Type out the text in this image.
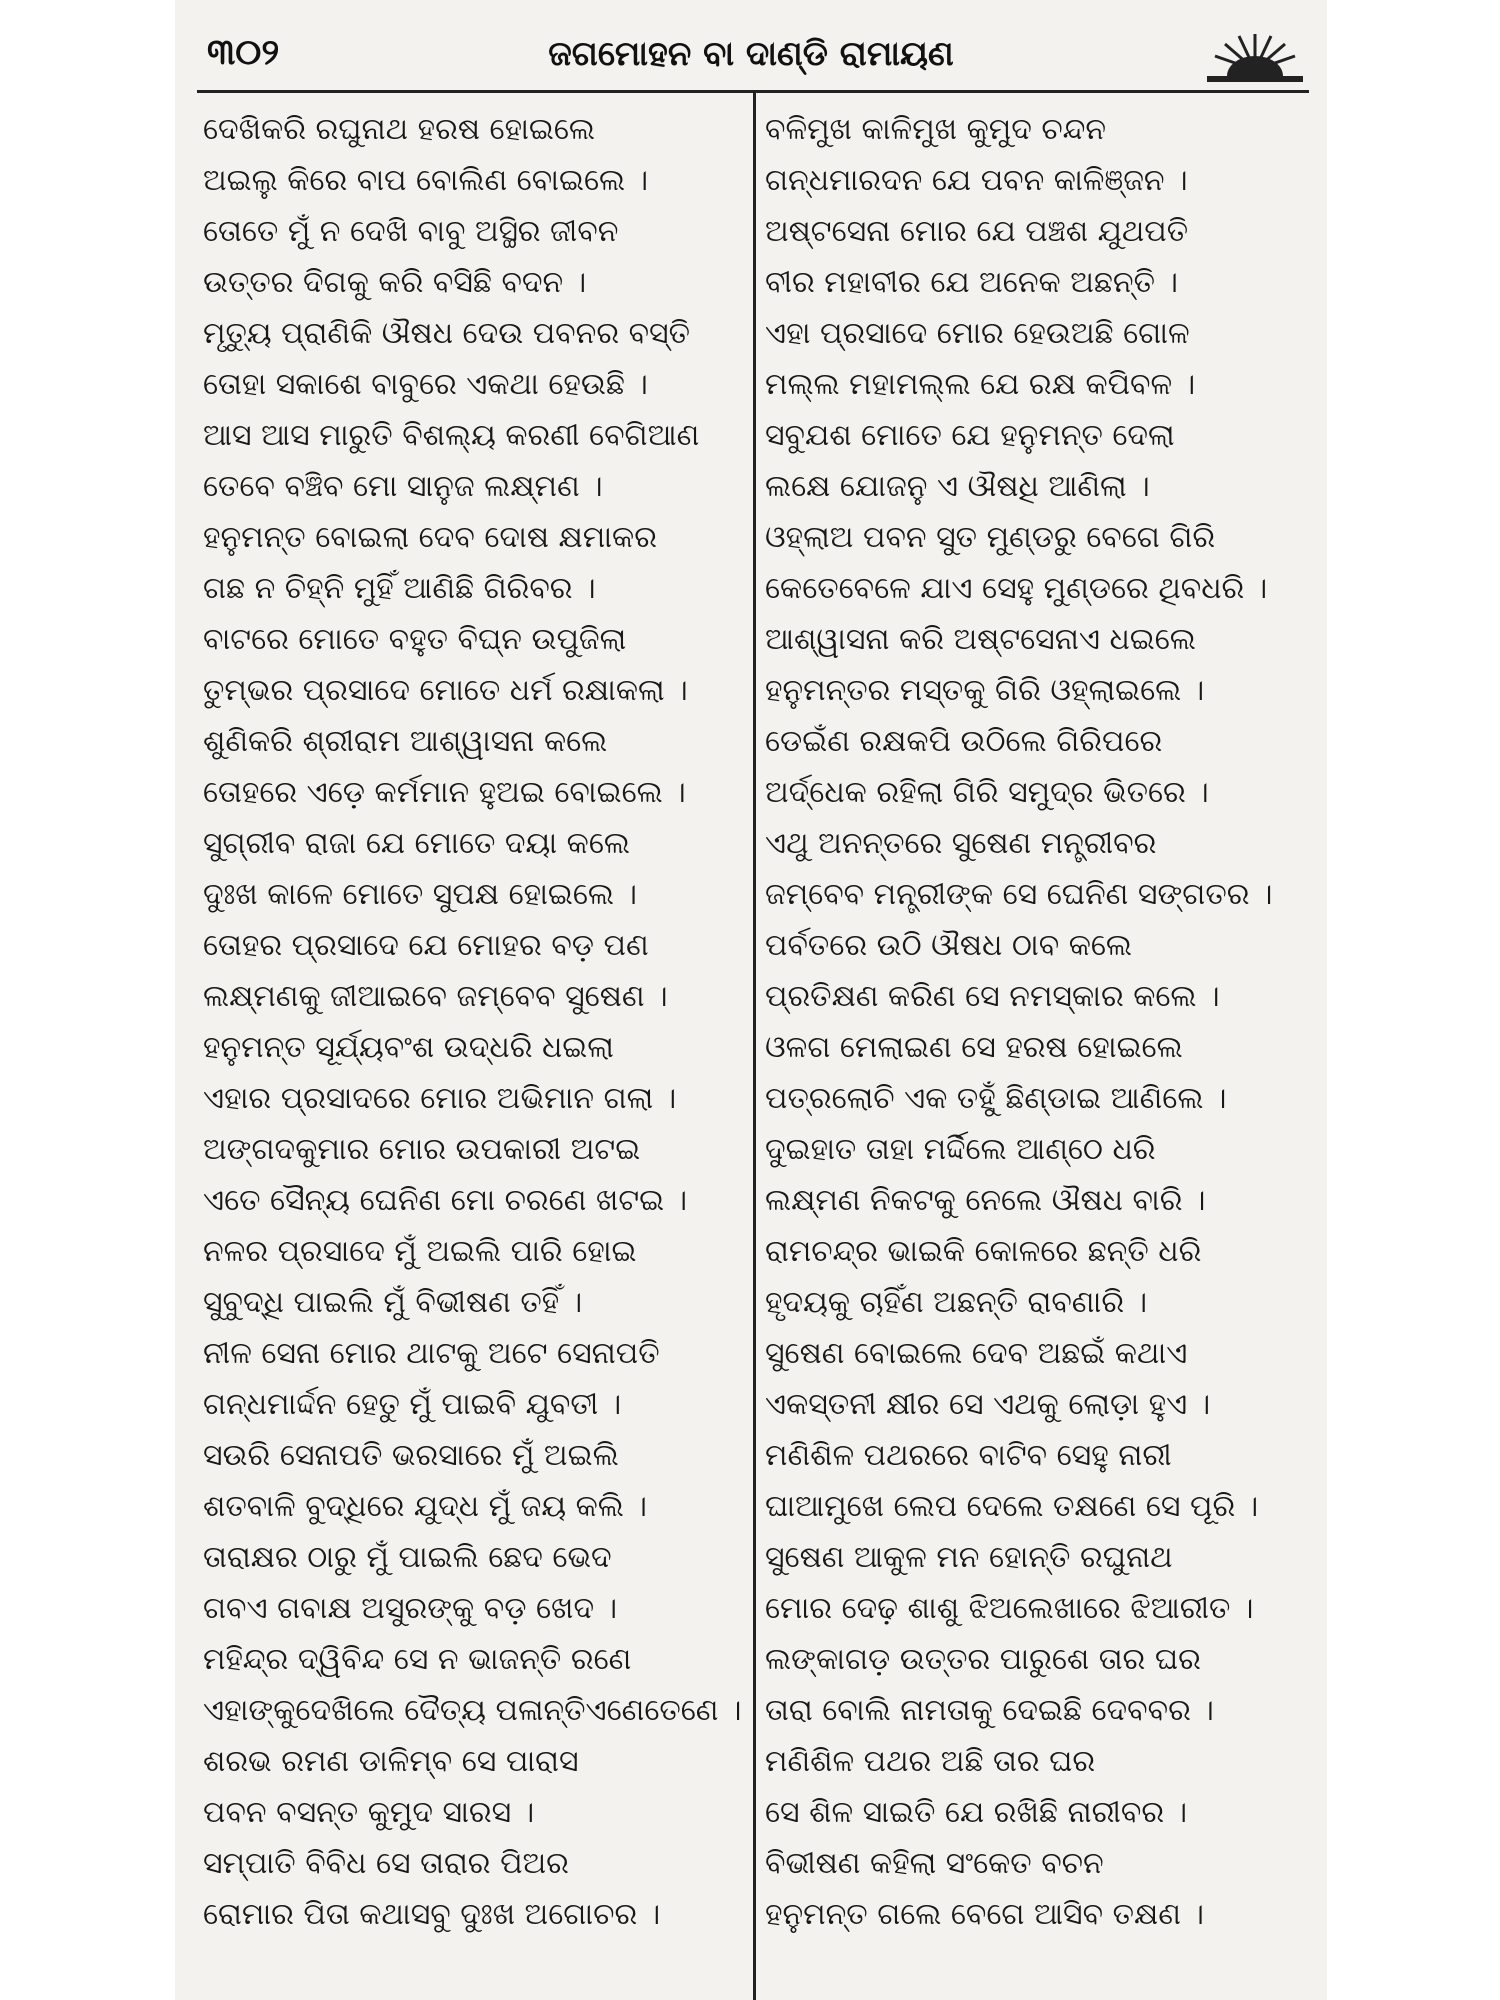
୩୦୨	ଜଗମୋହନ ବା ଦାଣ୍ଡି ରାମାୟଣ
ଦେଖିକରି ରଘୁନାଥ ହରଷ ହୋଇଲେ
ଅଇଲୁ କିରେ ବାପ ବୋଲିଣ ବୋଇଲେ ।
ତୋତେ ମୁଁ ନ ଦେଖି ବାବୁ ଅସ୍ଥିର ଜୀବନ
ଉତ୍ତର ଦିଗକୁ କରି ବସିଛି ବଦନ ।
ମୃତ୍ୟୁ ପ୍ରାଣିକି ଔଷଧ ଦେଉ ପବନର ବସ୍ତି
ତୋହା ସକାଶେ ବାବୁରେ ଏକଥା ହେଉଛି ।
ଆସ ଆସ ମାରୁତି ବିଶଲ୍ୟ କରଣୀ ବେଗିଆଣ
ତେବେ ବଞ୍ଚିବ ମୋ ସାନୁଜ ଲକ୍ଷ୍ମଣ ।
ହନୁମନ୍ତ ବୋଇଲା ଦେବ ଦୋଷ କ୍ଷମାକର
ଗଛ ନ ଚିହ୍ନି ମୁହିଁ ଆଣିଛି ଗିରିବର ।
ବାଟରେ ମୋତେ ବହୁତ ବିଘ୍ନ ଉପୁଜିଲା
ତୁମ୍ଭର ପ୍ରସାଦେ ମୋତେ ଧର୍ମ ରକ୍ଷାକଲା ।
ଶୁଣିକରି ଶ୍ରୀରାମ ଆଶ୍ୱାସନା କଲେ
ତୋହରେ ଏଡ଼େ କର୍ମମାନ ହୁଅଇ ବୋଇଲେ ।
ସୁଗ୍ରୀବ ରାଜା ଯେ ମୋତେ ଦୟା କଲେ
ଦୁଃଖ କାଳେ ମୋତେ ସୁପକ୍ଷ ହୋଇଲେ ।
ତୋହର ପ୍ରସାଦେ ଯେ ମୋହର ବଡ଼ ପଣ
ଲକ୍ଷ୍ମଣକୁ ଜୀଆଇବେ ଜମ୍ବେବ ସୁଷେଣ ।
ହନୁମନ୍ତ ସୂର୍ଯ୍ୟବଂଶ ଉଦ୍ଧରି ଧଇଲା
ଏହାର ପ୍ରସାଦରେ ମୋର ଅଭିମାନ ଗଲା ।
ଅଙ୍ଗଦକୁମାର ମୋର ଉପକାରୀ ଅଟଇ
ଏତେ ସୈନ୍ୟ ଘେନିଣ ମୋ ଚରଣେ ଖଟଇ ।
ନଳର ପ୍ରସାଦେ ମୁଁ ଅଇଲି ପାରି ହୋଇ
ସୁବୁଦ୍ଧି ପାଇଲି ମୁଁ ବିଭୀଷଣ ତହିଁ ।
ନୀଳ ସେନା ମୋର ଥାଟକୁ ଅଟେ ସେନାପତି
ଗନ୍ଧମାର୍ଦ୍ଦନ ହେତୁ ମୁଁ ପାଇବି ଯୁବତୀ ।
ସଉରି ସେନାପତି ଭରସାରେ ମୁଁ ଅଇଲି
ଶତବାଳି ବୁଦ୍ଧିରେ ଯୁଦ୍ଧ ମୁଁ ଜୟ କଲି ।
ତାରାକ୍ଷର ଠାରୁ ମୁଁ ପାଇଲି ଛେଦ ଭେଦ
ଗବଏ ଗବାକ୍ଷ ଅସୁରଙ୍କୁ ବଡ଼ ଖେଦ ।
ମହିନ୍ଦ୍ର ଦ୍ୱିବିନ୍ଦ ସେ ନ ଭାଜନ୍ତି ରଣେ
ଏହାଙ୍କୁଦେଖିଲେ ଦୈତ୍ୟ ପଳାନ୍ତିଏଣେତେଣେ ।
ଶରଭ ରମଣ ଡାଳିମ୍ବ ସେ ପାରାସ
ପବନ ବସନ୍ତ କୁମୁଦ ସାରସ ।
ସମ୍ପାତି ବିବିଧ ସେ ତାରାର ପିଅର
ରୋମାର ପିତା କଥାସବୁ ଦୁଃଖ ଅଗୋଚର ।
ବଳିମୁଖ କାଳିମୁଖ କୁମୁଦ ଚନ୍ଦନ
ଗନ୍ଧମାରଦନ ଯେ ପବନ କାଳିଞ୍ଜନ ।
ଅଷ୍ଟସେନା ମୋର ଯେ ପଞ୍ଚଶ ଯୁଥପତି
ବୀର ମହାବୀର ଯେ ଅନେକ ଅଛନ୍ତି ।
ଏହା ପ୍ରସାଦେ ମୋର ହେଉଅଛି ଗୋଳ
ମଲ୍ଲ ମହାମଲ୍ଲ ଯେ ରକ୍ଷ କପିବଳ ।
ସବୁଯଶ ମୋତେ ଯେ ହନୁମନ୍ତ ଦେଲା
ଲକ୍ଷେ ଯୋଜନୁ ଏ ଔଷଧି ଆଣିଲା ।
ଓହ୍ଲାଅ ପବନ ସୁତ ମୁଣ୍ଡରୁ ବେଗେ ଗିରି
କେତେବେଳେ ଯାଏ ସେହୁ ମୁଣ୍ଡରେ ଥିବଧରି ।
ଆଶ୍ୱାସନା କରି ଅଷ୍ଟସେନାଏ ଧଇଲେ
ହନୁମନ୍ତର ମସ୍ତକୁ ଗିରି ଓହ୍ଲାଇଲେ ।
ଡେଇଁଣ ରକ୍ଷକପି ଉଠିଲେ ଗିରିପରେ
ଅର୍ଦ୍ଧେକ ରହିଲା ଗିରି ସମୁଦ୍ର ଭିତରେ ।
ଏଥୁ ଅନନ୍ତରେ ସୁଷେଣ ମନ୍ତ୍ରୀବର
ଜମ୍ବେବ ମନ୍ତ୍ରୀଙ୍କ ସେ ଘେନିଣ ସଙ୍ଗତର ।
ପର୍ବତରେ ଉଠି ଔଷଧ ଠାବ କଲେ
ପ୍ରତିକ୍ଷଣ କରିଣ ସେ ନମସ୍କାର କଲେ ।
ଓଳଗ ମେଲାଇଣ ସେ ହରଷ ହୋଇଲେ
ପତ୍ରଲୋଚି ଏକ ତହୁଁ ଛିଣ୍ଡାଇ ଆଣିଲେ ।
ଦୁଇହାତ ତାହା ମର୍ଦ୍ଦିଲେ ଆଣ୍ଠେ ଧରି
ଲକ୍ଷ୍ମଣ ନିକଟକୁ ନେଲେ ଔଷଧ ବାରି ।
ରାମଚନ୍ଦ୍ର ଭାଇକି କୋଳରେ ଛନ୍ତି ଧରି
ହୃଦୟକୁ ଚାହିଁଣ ଅଛନ୍ତି ରାବଣାରି ।
ସୁଷେଣ ବୋଇଲେ ଦେବ ଅଛଇଁ କଥାଏ
ଏକସ୍ତନୀ କ୍ଷୀର ସେ ଏଥକୁ ଲୋଡ଼ା ହୁଏ ।
ମଣିଶିଳ ପଥରରେ ବାଟିବ ସେହୁ ନାରୀ
ଘାଆମୁଖେ ଲେପ ଦେଲେ ତକ୍ଷଣେ ସେ ପୂରି ।
ସୁଷେଣ ଆକୁଳ ମନ ହୋନ୍ତି ରଘୁନାଥ
ମୋର ଦେଢ଼ ଶାଶୁ ଝିଅଲେଖାରେ ଝିଆରୀତ ।
ଲଙ୍କାଗଡ଼ ଉତ୍ତର ପାରୁଶେ ତାର ଘର
ତାରା ବୋଲି ନାମତାକୁ ଦେଇଛି ଦେବବର ।
ମଣିଶିଳ ପଥର ଅଛି ତାର ଘର
ସେ ଶିଳ ସାଇତି ଯେ ରଖିଛି ନାରୀବର ।
ବିଭୀଷଣ କହିଲା ସଂକେତ ବଚନ
ହନୁମନ୍ତ ଗଲେ ବେଗେ ଆସିବ ତକ୍ଷଣ ।
